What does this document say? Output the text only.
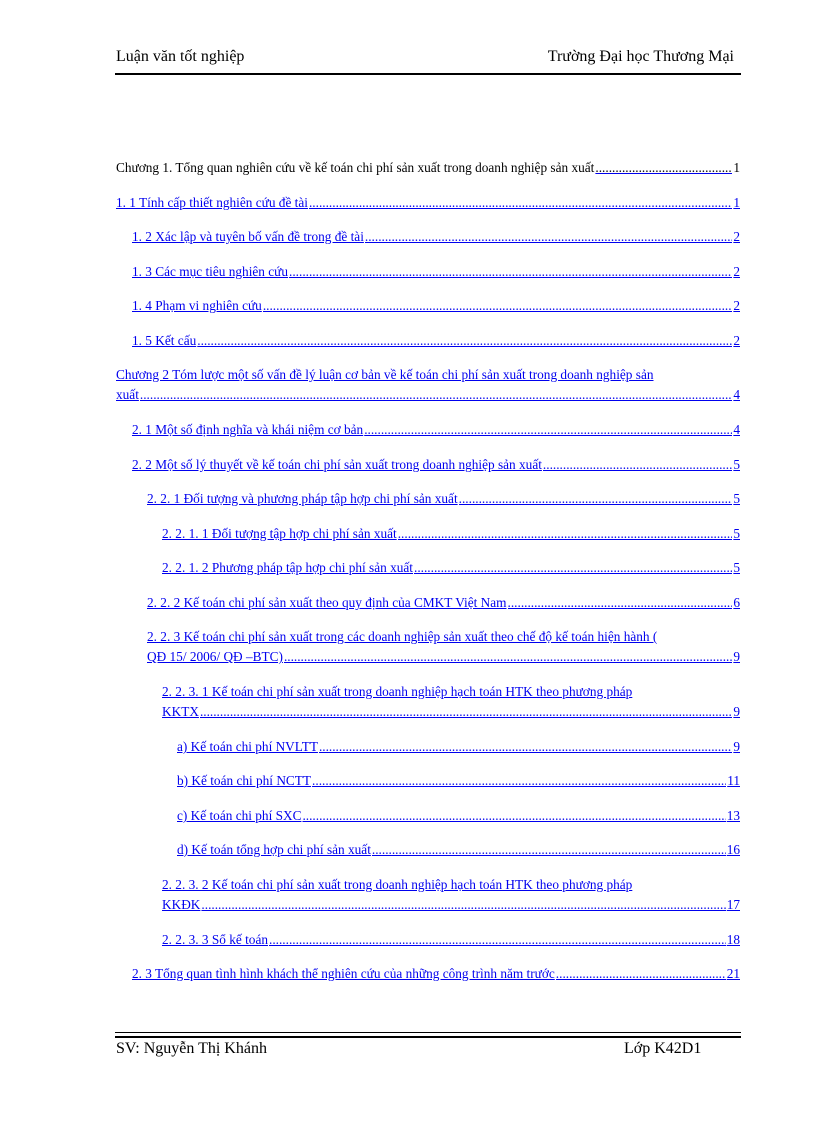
Luận văn tốt nghiệp	Trường Đại học Thương Mại
Chương 1. Tổng quan nghiên cứu về kế toán chi phí sản xuất trong doanh nghiệp sản xuất .....	1
1. 1 Tính cấp thiết nghiên cứu đề tài .....	1
1. 2 Xác lập và tuyên bố vấn đề trong đề tài .....	2
1. 3 Các mục tiêu nghiên cứu .....	2
1. 4 Phạm vi nghiên cứu .....	2
1. 5 Kết cấu .....	2
Chương 2 Tóm lược một số vấn đề lý luận cơ bản về kế toán chi phí sản xuất trong doanh nghiệp sản
xuất .....	4
2. 1 Một số định nghĩa và khái niệm cơ bản .....	4
2. 2 Một số lý thuyết về kế toán chi phí sản xuất trong doanh nghiệp sản xuất .....	5
2. 2. 1 Đối tượng và phương pháp tập hợp chi phí sản xuất .....	5
2. 2. 1. 1 Đối tượng tập hợp chi phí sản xuất .....	5
2. 2. 1. 2 Phương pháp tập hợp chi phí sản xuất .....	5
2. 2. 2 Kế toán chi phí sản xuất theo quy định của CMKT Việt Nam .....	6
2. 2. 3 Kế toán chi phí sản xuất trong các doanh nghiệp sản xuất theo chế độ kế toán hiện hành (
QĐ 15/ 2006/ QĐ –BTC) .....	9
2. 2. 3. 1 Kế toán chi phí sản xuất trong doanh nghiệp hạch toán HTK theo phương pháp
KKTX .....	9
a) Kế toán chi phí NVLTT .....	9
b) Kế toán chi phí NCTT .....	11
c) Kế toán chi phí SXC .....	13
d) Kế toán tổng hợp chi phí sản xuất .....	16
2. 2. 3. 2 Kế toán chi phí sản xuất trong doanh nghiệp hạch toán HTK theo phương pháp
KKĐK .....	17
2. 2. 3. 3 Sổ kế toán .....	18
2. 3 Tổng quan tình hình khách thể nghiên cứu của những công trình năm trước .....	21
SV: Nguyễn Thị Khánh	Lớp K42D1
